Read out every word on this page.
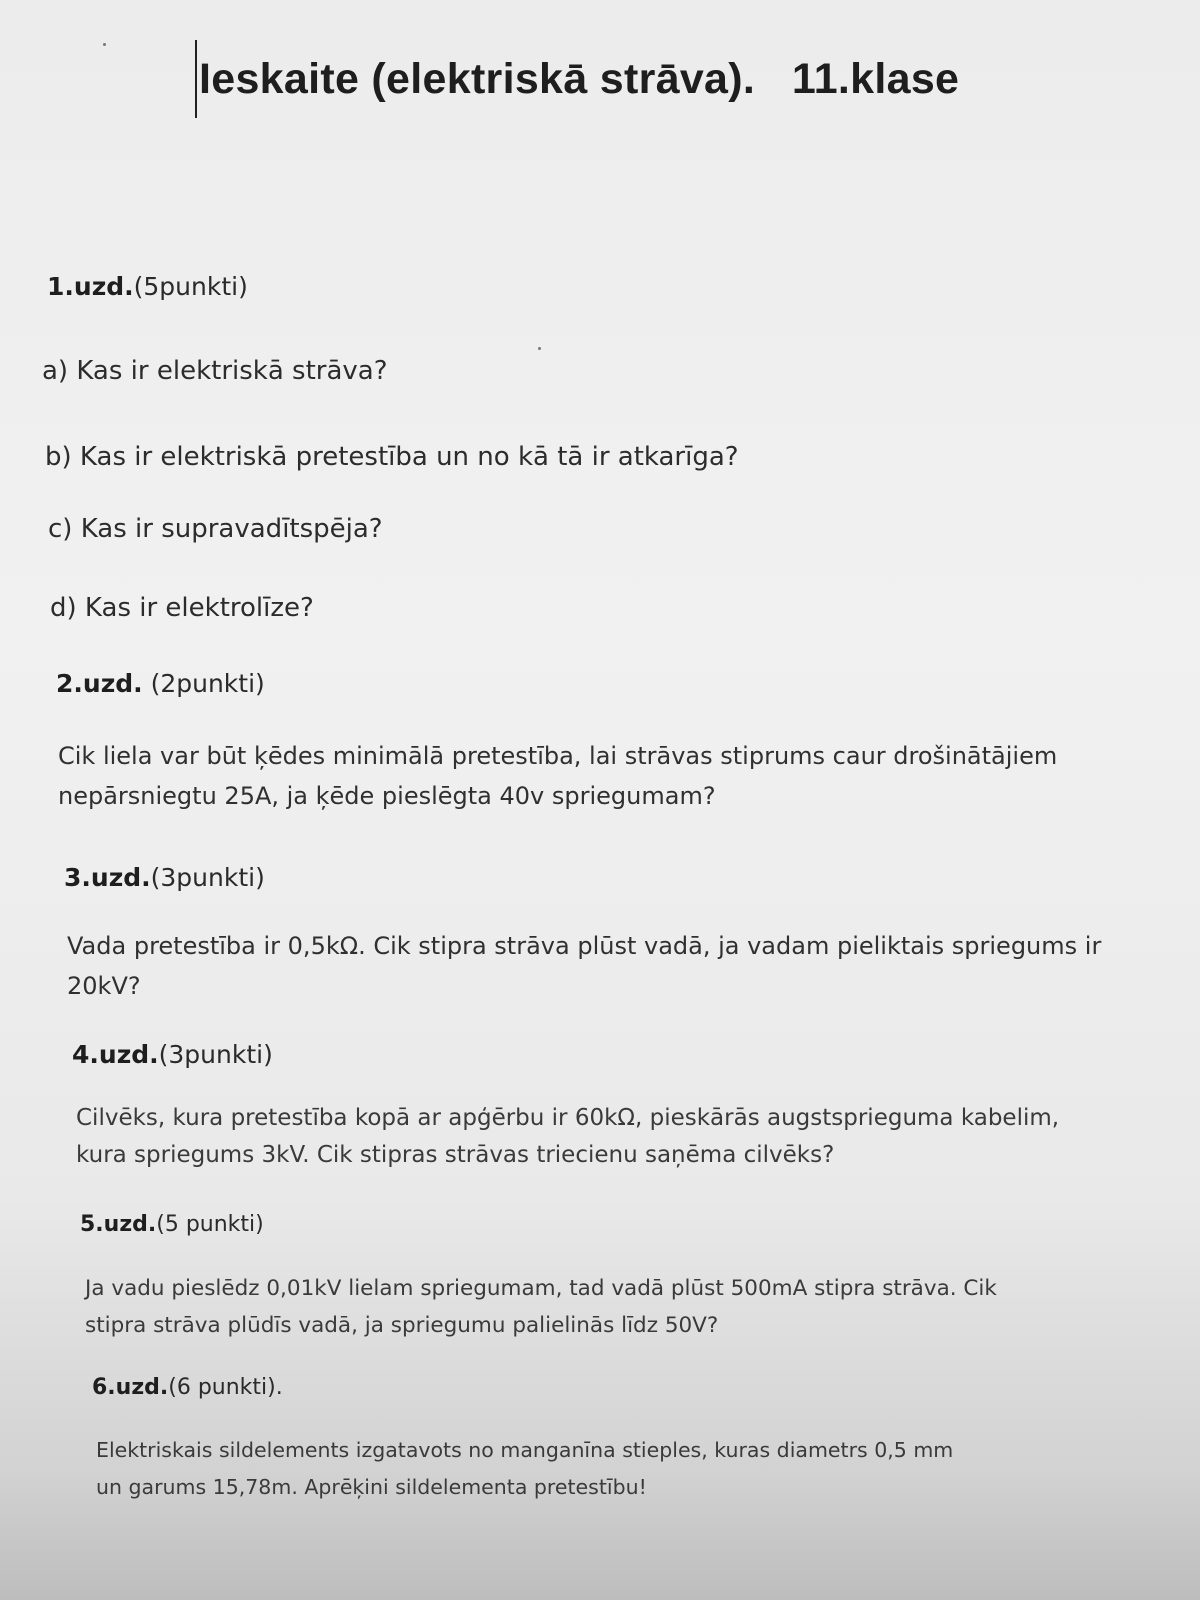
Ieskaite (elektriskā strāva).   11.klase
1.uzd.(5punkti)
a) Kas ir elektriskā strāva?
b) Kas ir elektriskā pretestība un no kā tā ir atkarīga?
c) Kas ir supravadītspēja?
d) Kas ir elektrolīze?
2.uzd. (2punkti)
Cik liela var būt ķēdes minimālā pretestība, lai strāvas stiprums caur drošinātājiem
nepārsniegtu 25A, ja ķēde pieslēgta 40v spriegumam?
3.uzd.(3punkti)
Vada pretestība ir 0,5kΩ. Cik stipra strāva plūst vadā, ja vadam pieliktais spriegums ir
20kV?
4.uzd.(3punkti)
Cilvēks, kura pretestība kopā ar apģērbu ir 60kΩ, pieskārās augstsprieguma kabelim,
kura spriegums 3kV. Cik stipras strāvas triecienu saņēma cilvēks?
5.uzd.(5 punkti)
Ja vadu pieslēdz 0,01kV lielam spriegumam, tad vadā plūst 500mA stipra strāva. Cik
stipra strāva plūdīs vadā, ja spriegumu palielinās līdz 50V?
6.uzd.(6 punkti).
Elektriskais sildelements izgatavots no manganīna stieples, kuras diametrs 0,5 mm
un garums 15,78m. Aprēķini sildelementa pretestību!
